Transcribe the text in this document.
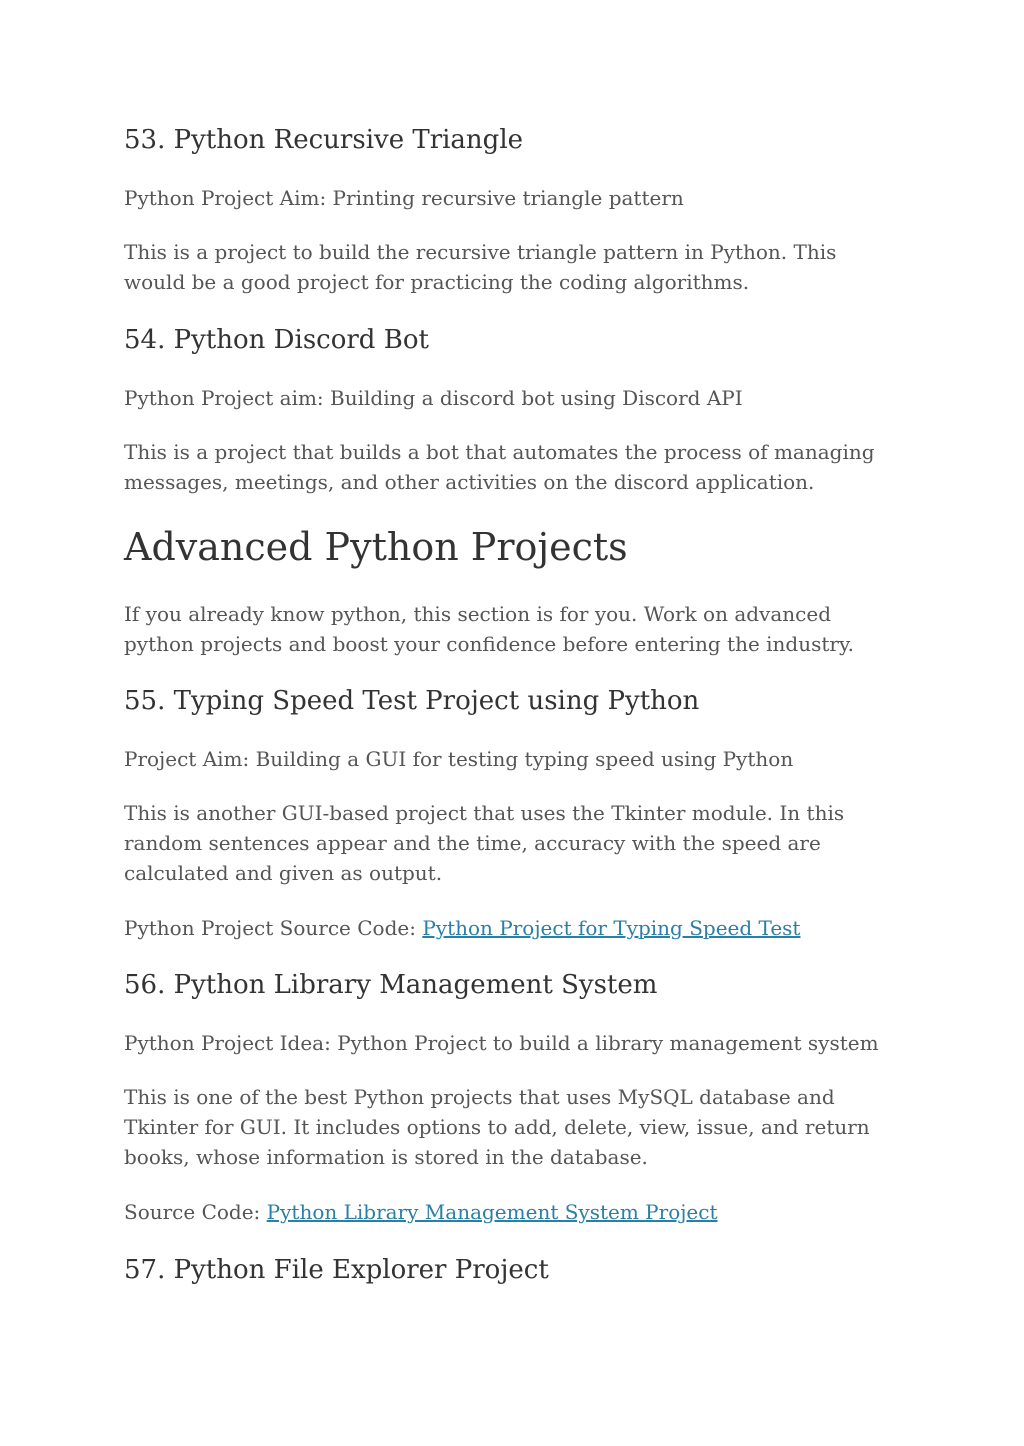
53. Python Recursive Triangle

Python Project Aim: Printing recursive triangle pattern

This is a project to build the recursive triangle pattern in Python. This
would be a good project for practicing the coding algorithms.

54. Python Discord Bot

Python Project aim: Building a discord bot using Discord API

This is a project that builds a bot that automates the process of managing
messages, meetings, and other activities on the discord application.

Advanced Python Projects

If you already know python, this section is for you. Work on advanced
python projects and boost your confidence before entering the industry.

55. Typing Speed Test Project using Python

Project Aim: Building a GUI for testing typing speed using Python

This is another GUI-based project that uses the Tkinter module. In this
random sentences appear and the time, accuracy with the speed are
calculated and given as output.

Python Project Source Code: Python Project for Typing Speed Test

56. Python Library Management System

Python Project Idea: Python Project to build a library management system

This is one of the best Python projects that uses MySQL database and
Tkinter for GUI. It includes options to add, delete, view, issue, and return
books, whose information is stored in the database.

Source Code: Python Library Management System Project

57. Python File Explorer Project
